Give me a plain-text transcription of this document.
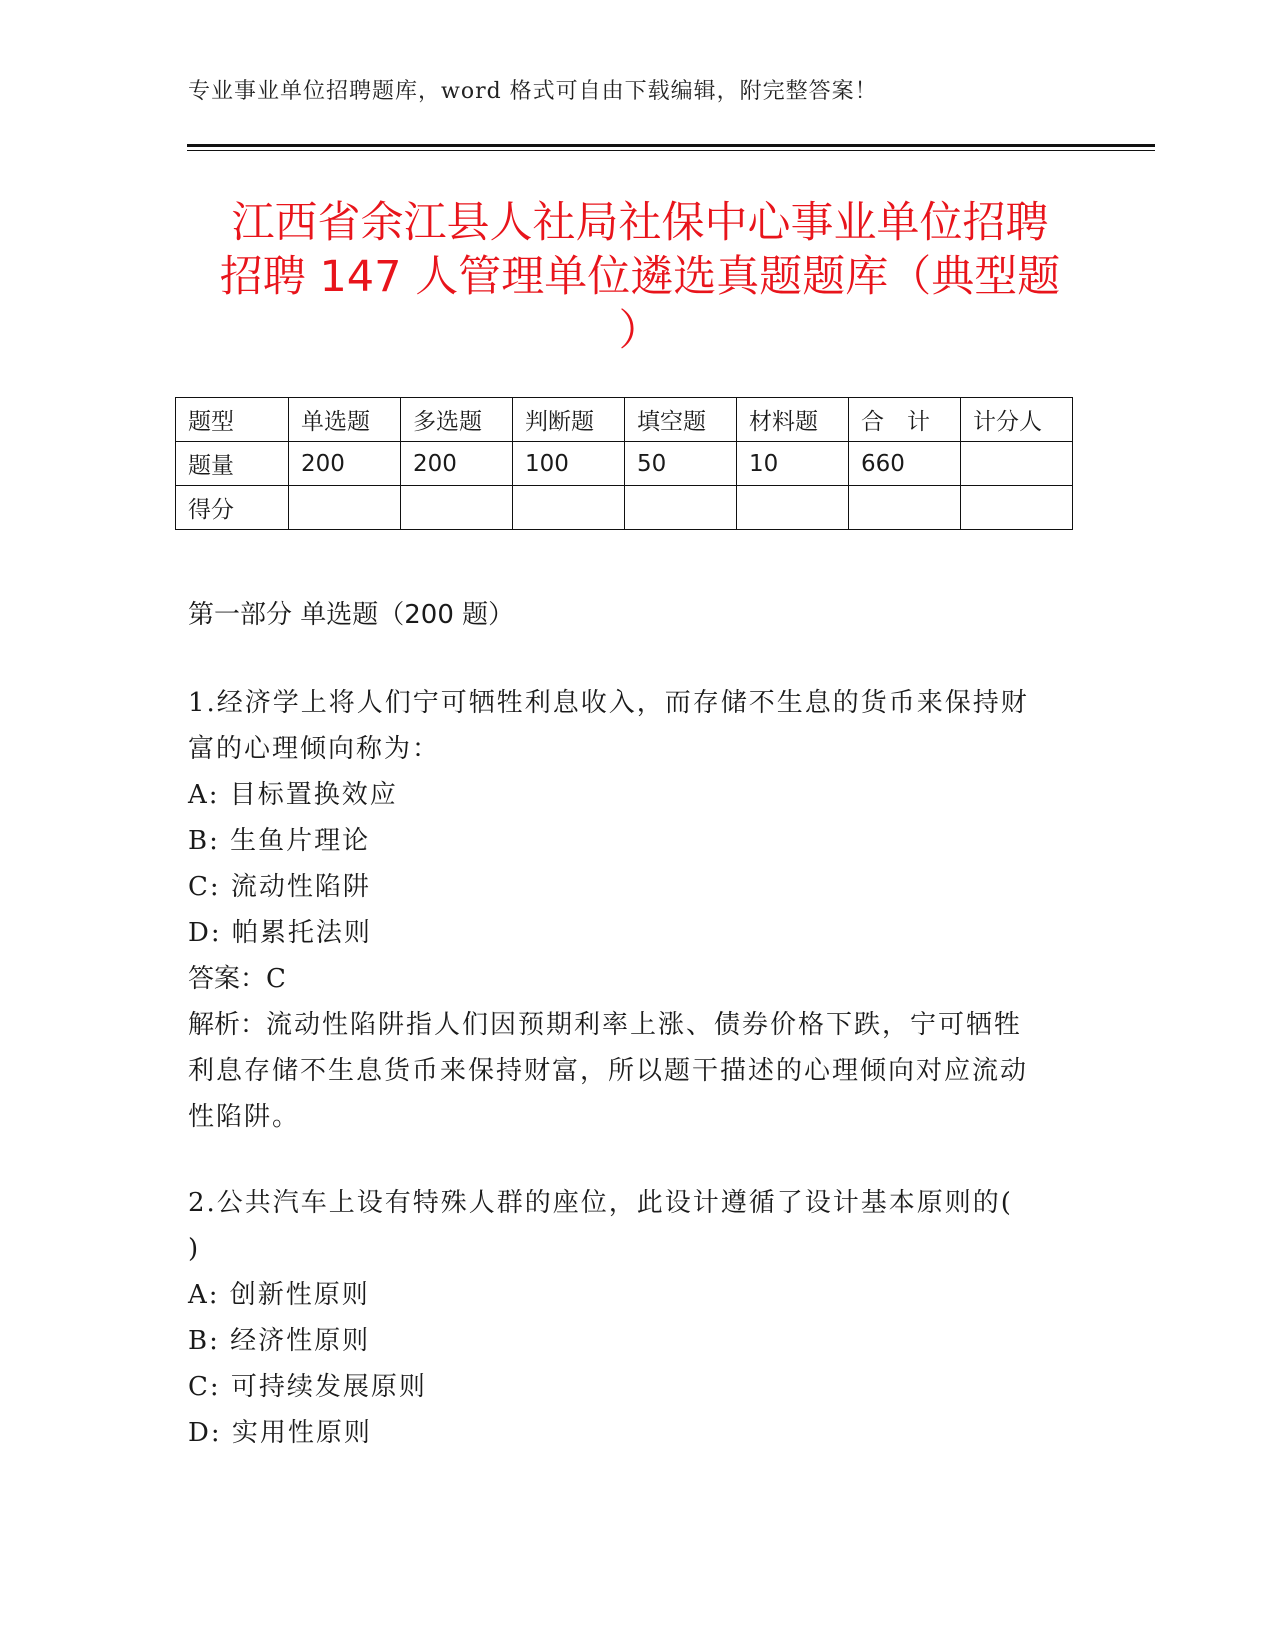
专业事业单位招聘题库，word 格式可自由下载编辑，附完整答案！
江西省余江县人社局社保中心事业单位招聘
招聘 147 人管理单位遴选真题题库（典型题
）
题型	单选题	多选题	判断题	填空题	材料题	合　计	计分人
题量	200	200	100	50	10	660	
得分							
第一部分 单选题（200 题）

1.经济学上将人们宁可牺牲利息收入，而存储不生息的货币来保持财

富的心理倾向称为：

A: 目标置换效应

B: 生鱼片理论

C: 流动性陷阱

D: 帕累托法则

答案：C

解析：流动性陷阱指人们因预期利率上涨、债券价格下跌，宁可牺牲

利息存储不生息货币来保持财富，所以题干描述的心理倾向对应流动

性陷阱。

2.公共汽车上设有特殊人群的座位，此设计遵循了设计基本原则的(

)

A: 创新性原则

B: 经济性原则

C: 可持续发展原则

D: 实用性原则
